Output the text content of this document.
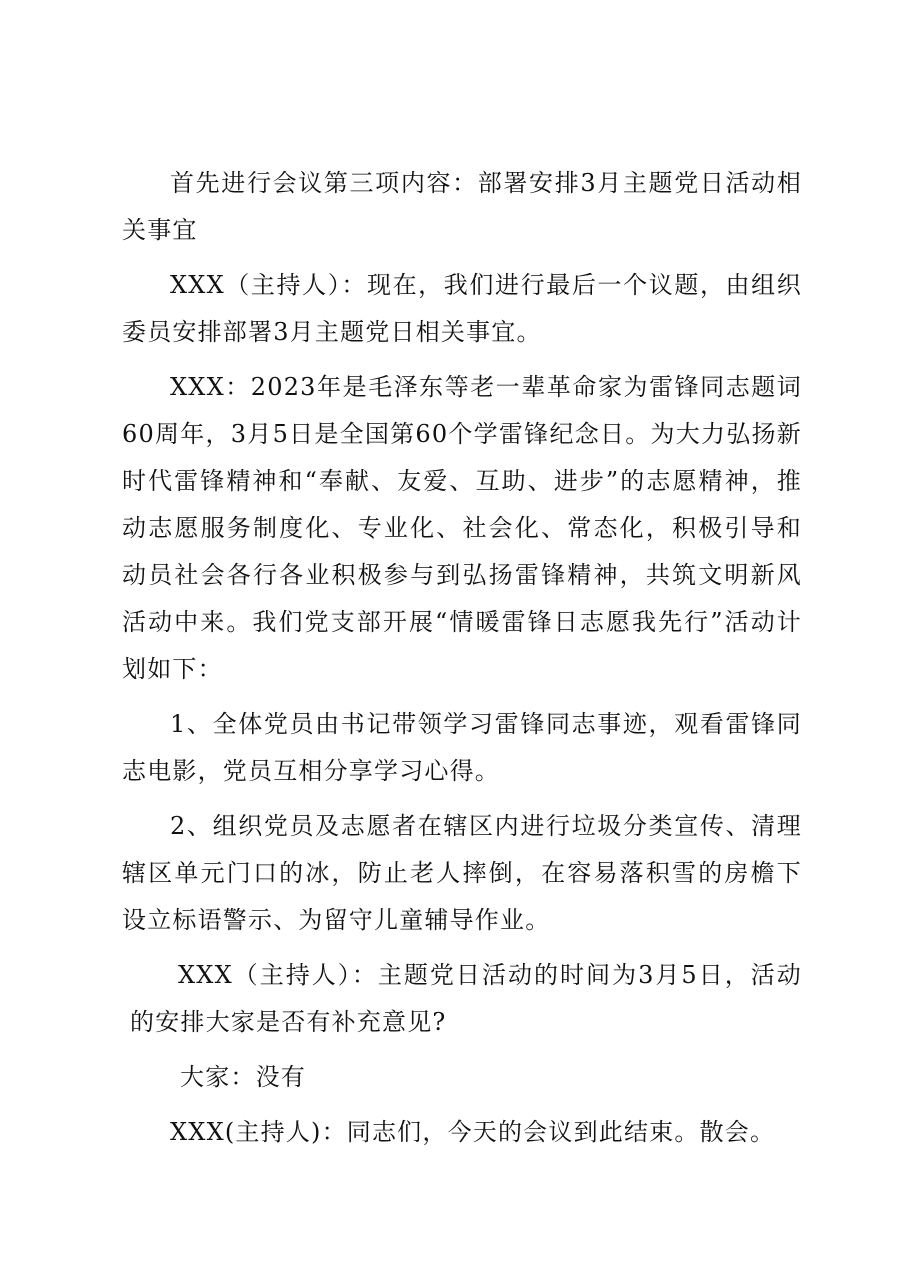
首先进行会议第三项内容：部署安排3月主题党日活动相关事宜

XXX（主持人）：现在，我们进行最后一个议题，由组织委员安排部署3月主题党日相关事宜。

XXX：2023年是毛泽东等老一辈革命家为雷锋同志题词60周年，3月5日是全国第60个学雷锋纪念日。为大力弘扬新时代雷锋精神和“奉献、友爱、互助、进步”的志愿精神，推动志愿服务制度化、专业化、社会化、常态化，积极引导和动员社会各行各业积极参与到弘扬雷锋精神，共筑文明新风活动中来。我们党支部开展“情暖雷锋日志愿我先行”活动计划如下：

1、全体党员由书记带领学习雷锋同志事迹，观看雷锋同志电影，党员互相分享学习心得。

2、组织党员及志愿者在辖区内进行垃圾分类宣传、清理辖区单元门口的冰，防止老人摔倒，在容易落积雪的房檐下设立标语警示、为留守儿童辅导作业。

XXX（主持人）：主题党日活动的时间为3月5日，活动的安排大家是否有补充意见?

大家：没有

XXX(主持人)：同志们，今天的会议到此结束。散会。
